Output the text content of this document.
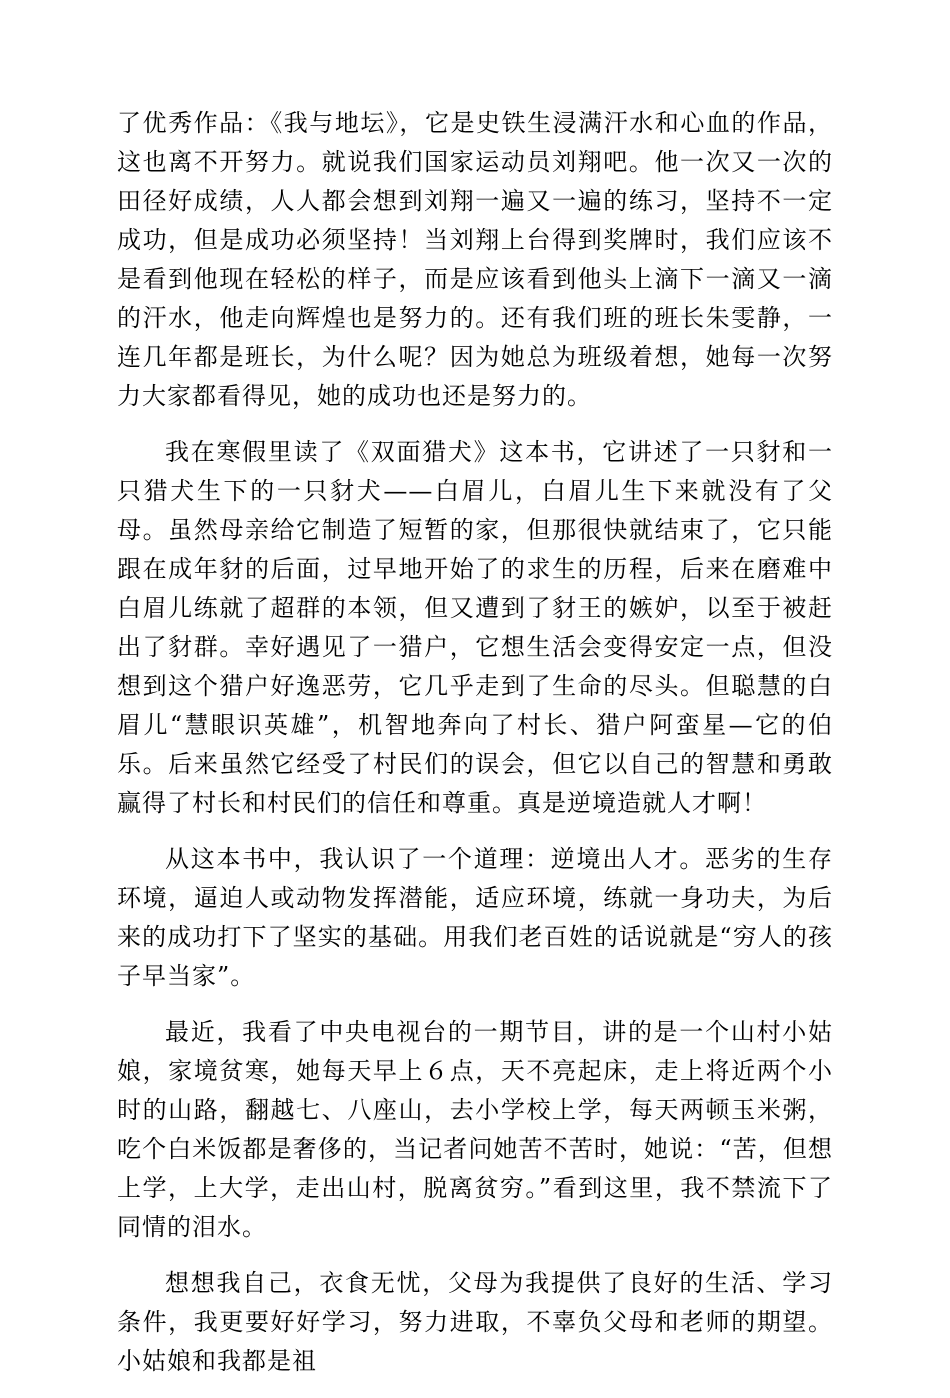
了优秀作品：《我与地坛》，它是史铁生浸满汗水和心血的作品，这也离不开努力。就说我们国家运动员刘翔吧。他一次又一次的田径好成绩，人人都会想到刘翔一遍又一遍的练习，坚持不一定成功，但是成功必须坚持！当刘翔上台得到奖牌时，我们应该不是看到他现在轻松的样子，而是应该看到他头上滴下一滴又一滴的汗水，他走向辉煌也是努力的。还有我们班的班长朱雯静，一连几年都是班长，为什么呢？因为她总为班级着想，她每一次努力大家都看得见，她的成功也还是努力的。

我在寒假里读了《双面猎犬》这本书，它讲述了一只豺和一只猎犬生下的一只豺犬——白眉儿，白眉儿生下来就没有了父母。虽然母亲给它制造了短暂的家，但那很快就结束了，它只能跟在成年豺的后面，过早地开始了的求生的历程，后来在磨难中白眉儿练就了超群的本领，但又遭到了豺王的嫉妒，以至于被赶出了豺群。幸好遇见了一猎户，它想生活会变得安定一点，但没想到这个猎户好逸恶劳，它几乎走到了生命的尽头。但聪慧的白眉儿“慧眼识英雄”，机智地奔向了村长、猎户阿蛮星—它的伯乐。后来虽然它经受了村民们的误会，但它以自己的智慧和勇敢赢得了村长和村民们的信任和尊重。真是逆境造就人才啊！

从这本书中，我认识了一个道理：逆境出人才。恶劣的生存环境，逼迫人或动物发挥潜能，适应环境，练就一身功夫，为后来的成功打下了坚实的基础。用我们老百姓的话说就是“穷人的孩子早当家”。

最近，我看了中央电视台的一期节目，讲的是一个山村小姑娘，家境贫寒，她每天早上６点，天不亮起床，走上将近两个小时的山路，翻越七、八座山，去小学校上学，每天两顿玉米粥，吃个白米饭都是奢侈的，当记者问她苦不苦时，她说：“苦，但想上学，上大学，走出山村，脱离贫穷。”看到这里，我不禁流下了同情的泪水。

想想我自己，衣食无忧，父母为我提供了良好的生活、学习条件，我更要好好学习，努力进取，不辜负父母和老师的期望。小姑娘和我都是祖
